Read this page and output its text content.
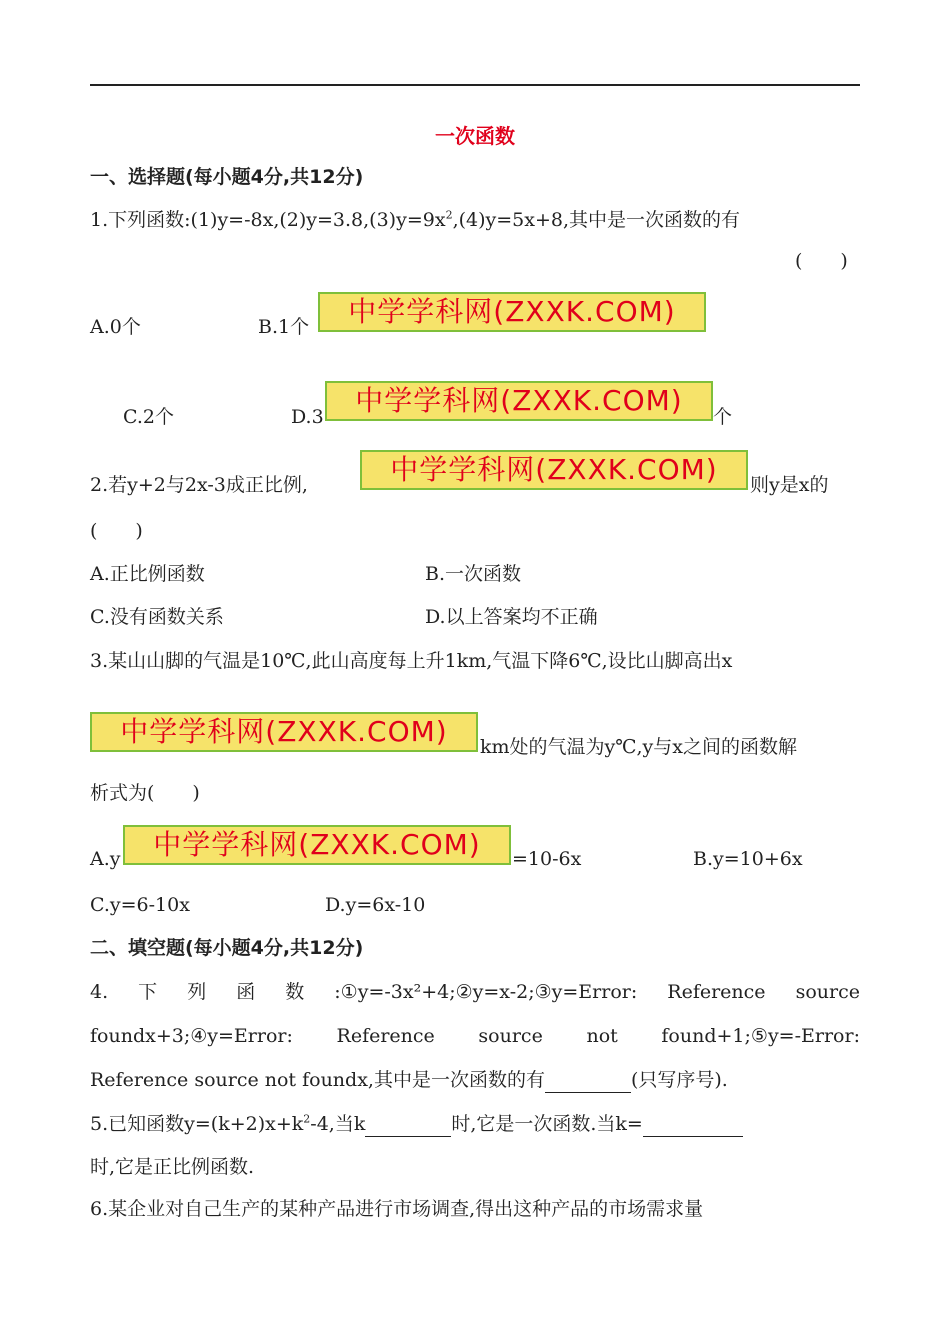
一次函数
一、选择题(每小题4分,共12分)
1.下列函数$:(1)y=-8x,(2)y=3.8,(3)y=9x^2,(4)y=5x+8$,其中是一次函数的有
(　　)
A.0个	B.1个	中学学科网(ZXXK.COM)
C.2个	D.3	中学学科网(ZXXK.COM)	个
2.若y+2与2x-3成正比例,	中学学科网(ZXXK.COM)	则y是x的
(　　)
A.正比例函数	B.一次函数
C.没有函数关系	D.以上答案均不正确
3.某山山脚的气温是10℃,此山高度每上升1km,气温下降6℃,设比山脚高出x
中学学科网(ZXXK.COM)	km处的气温为y℃,y与x之间的函数解
析式为(　　)
A.y	中学学科网(ZXXK.COM)	=10-6x	B.y=10+6x
C.y=6-10x	D.y=6x-10
二、填空题(每小题4分,共12分)
4. 下 列 函 数 :①y=-3x²+4;②y=x-2;③y=Error: Reference source
foundx+3;④y=Error: Reference source not found+1;⑤y=-Error:
Reference source not foundx,其中是一次函数的有	(只写序号).
5.已知函数$y=(k+2)x+k^2-4$,当k	时,它是一次函数.当k=
时,它是正比例函数.
6.某企业对自己生产的某种产品进行市场调查,得出这种产品的市场需求量
